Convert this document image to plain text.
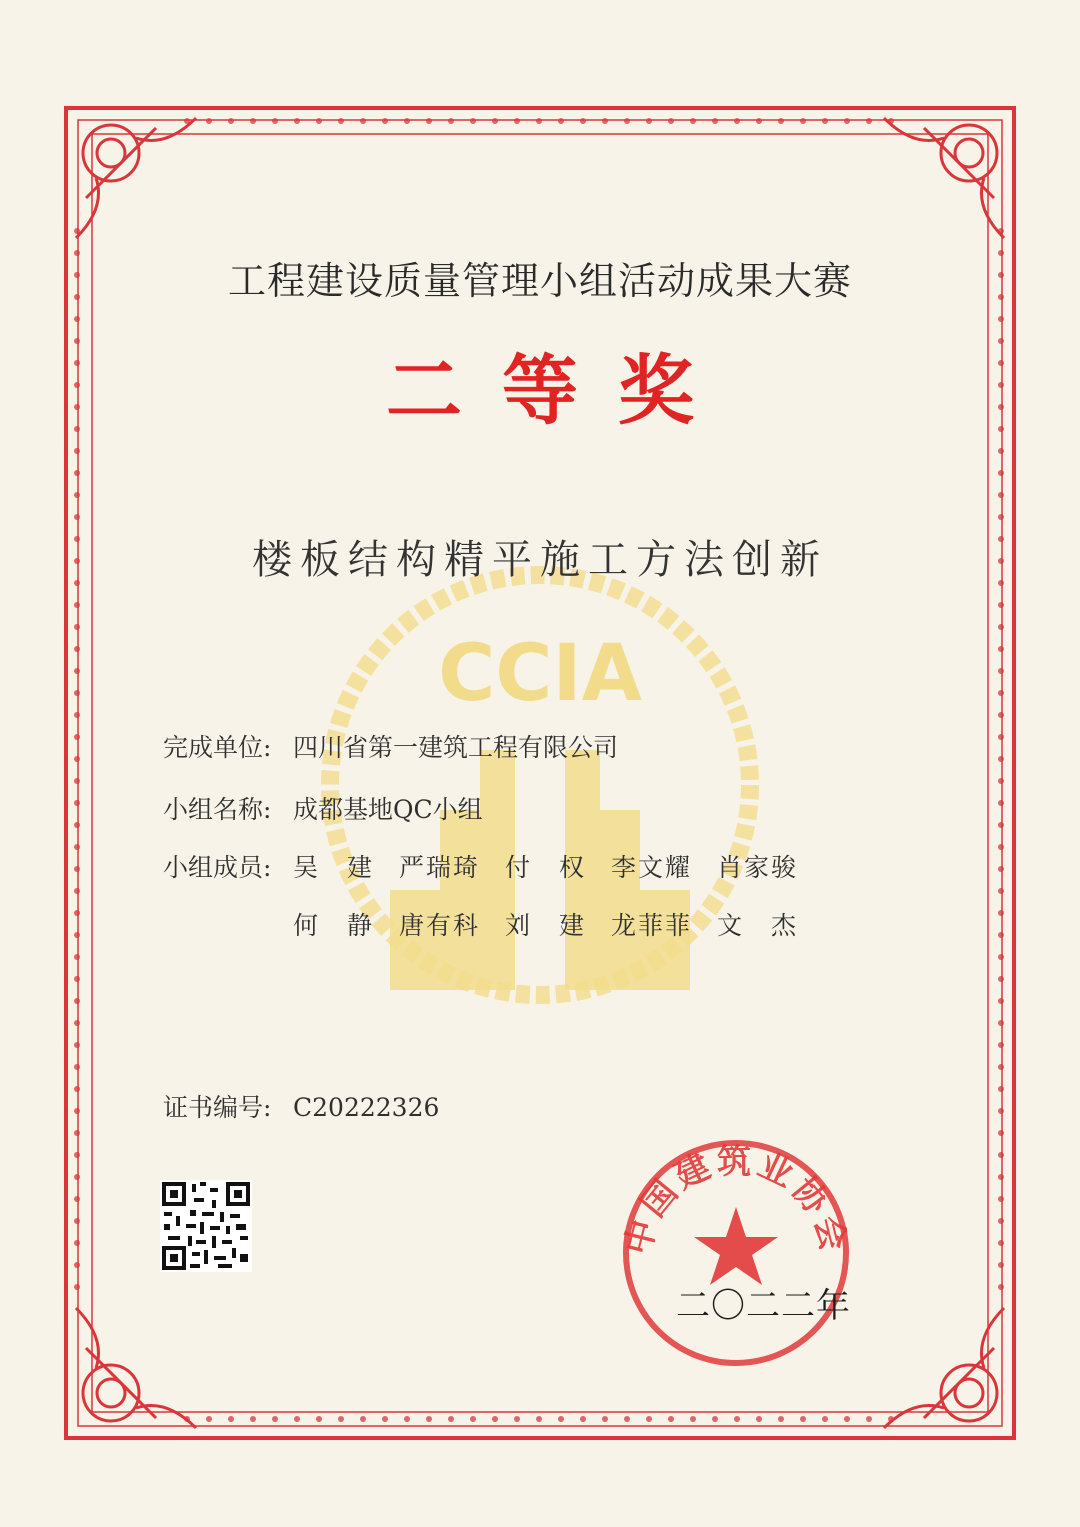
CCIA
工程建设质量管理小组活动成果大赛
二等奖
楼板结构精平施工方法创新
完成单位: 四川省第一建筑工程有限公司
小组名称: 成都基地QC小组
小组成员: 吴　建 严瑞琦 付　权 李文耀 肖家骏
何　静 唐有科 刘　建 龙菲菲 文　杰
证书编号: C20222326
中国建筑业协会
二〇二二年
